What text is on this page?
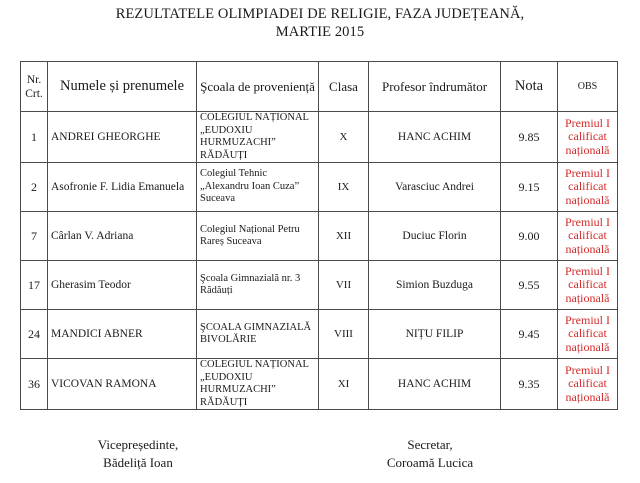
REZULTATELE OLIMPIADEI DE RELIGIE, FAZA JUDEȚEANĂ,
MARTIE 2015
Nr. Crt.	Numele și prenumele	Şcoala de proveniență	Clasa	Profesor îndrumător	Nota	OBS
1	ANDREI GHEORGHE	COLEGIUL NAȚIONAL „EUDOXIU HURMUZACHI” RĂDĂUȚI	X	HANC ACHIM	9.85	Premiul I calificat națională
2	Asofronie F. Lidia Emanuela	Colegiul Tehnic „Alexandru Ioan Cuza” Suceava	IX	Varasciuc Andrei	9.15	Premiul I calificat națională
7	Cârlan V. Adriana	Colegiul Național Petru Rareș Suceava	XII	Duciuc Florin	9.00	Premiul I calificat națională
17	Gherasim Teodor	Şcoala Gimnazială nr. 3 Rădăuți	VII	Simion Buzduga	9.55	Premiul I calificat națională
24	MANDICI ABNER	ŞCOALA GIMNAZIALĂ BIVOLĂRIE	VIII	NIȚU FILIP	9.45	Premiul I calificat națională
36	VICOVAN RAMONA	COLEGIUL NAȚIONAL „EUDOXIU HURMUZACHI” RĂDĂUȚI	XI	HANC ACHIM	9.35	Premiul I calificat națională
Vicepreședinte,
Bădeliță Ioan
Secretar,
Coroamă Lucica
